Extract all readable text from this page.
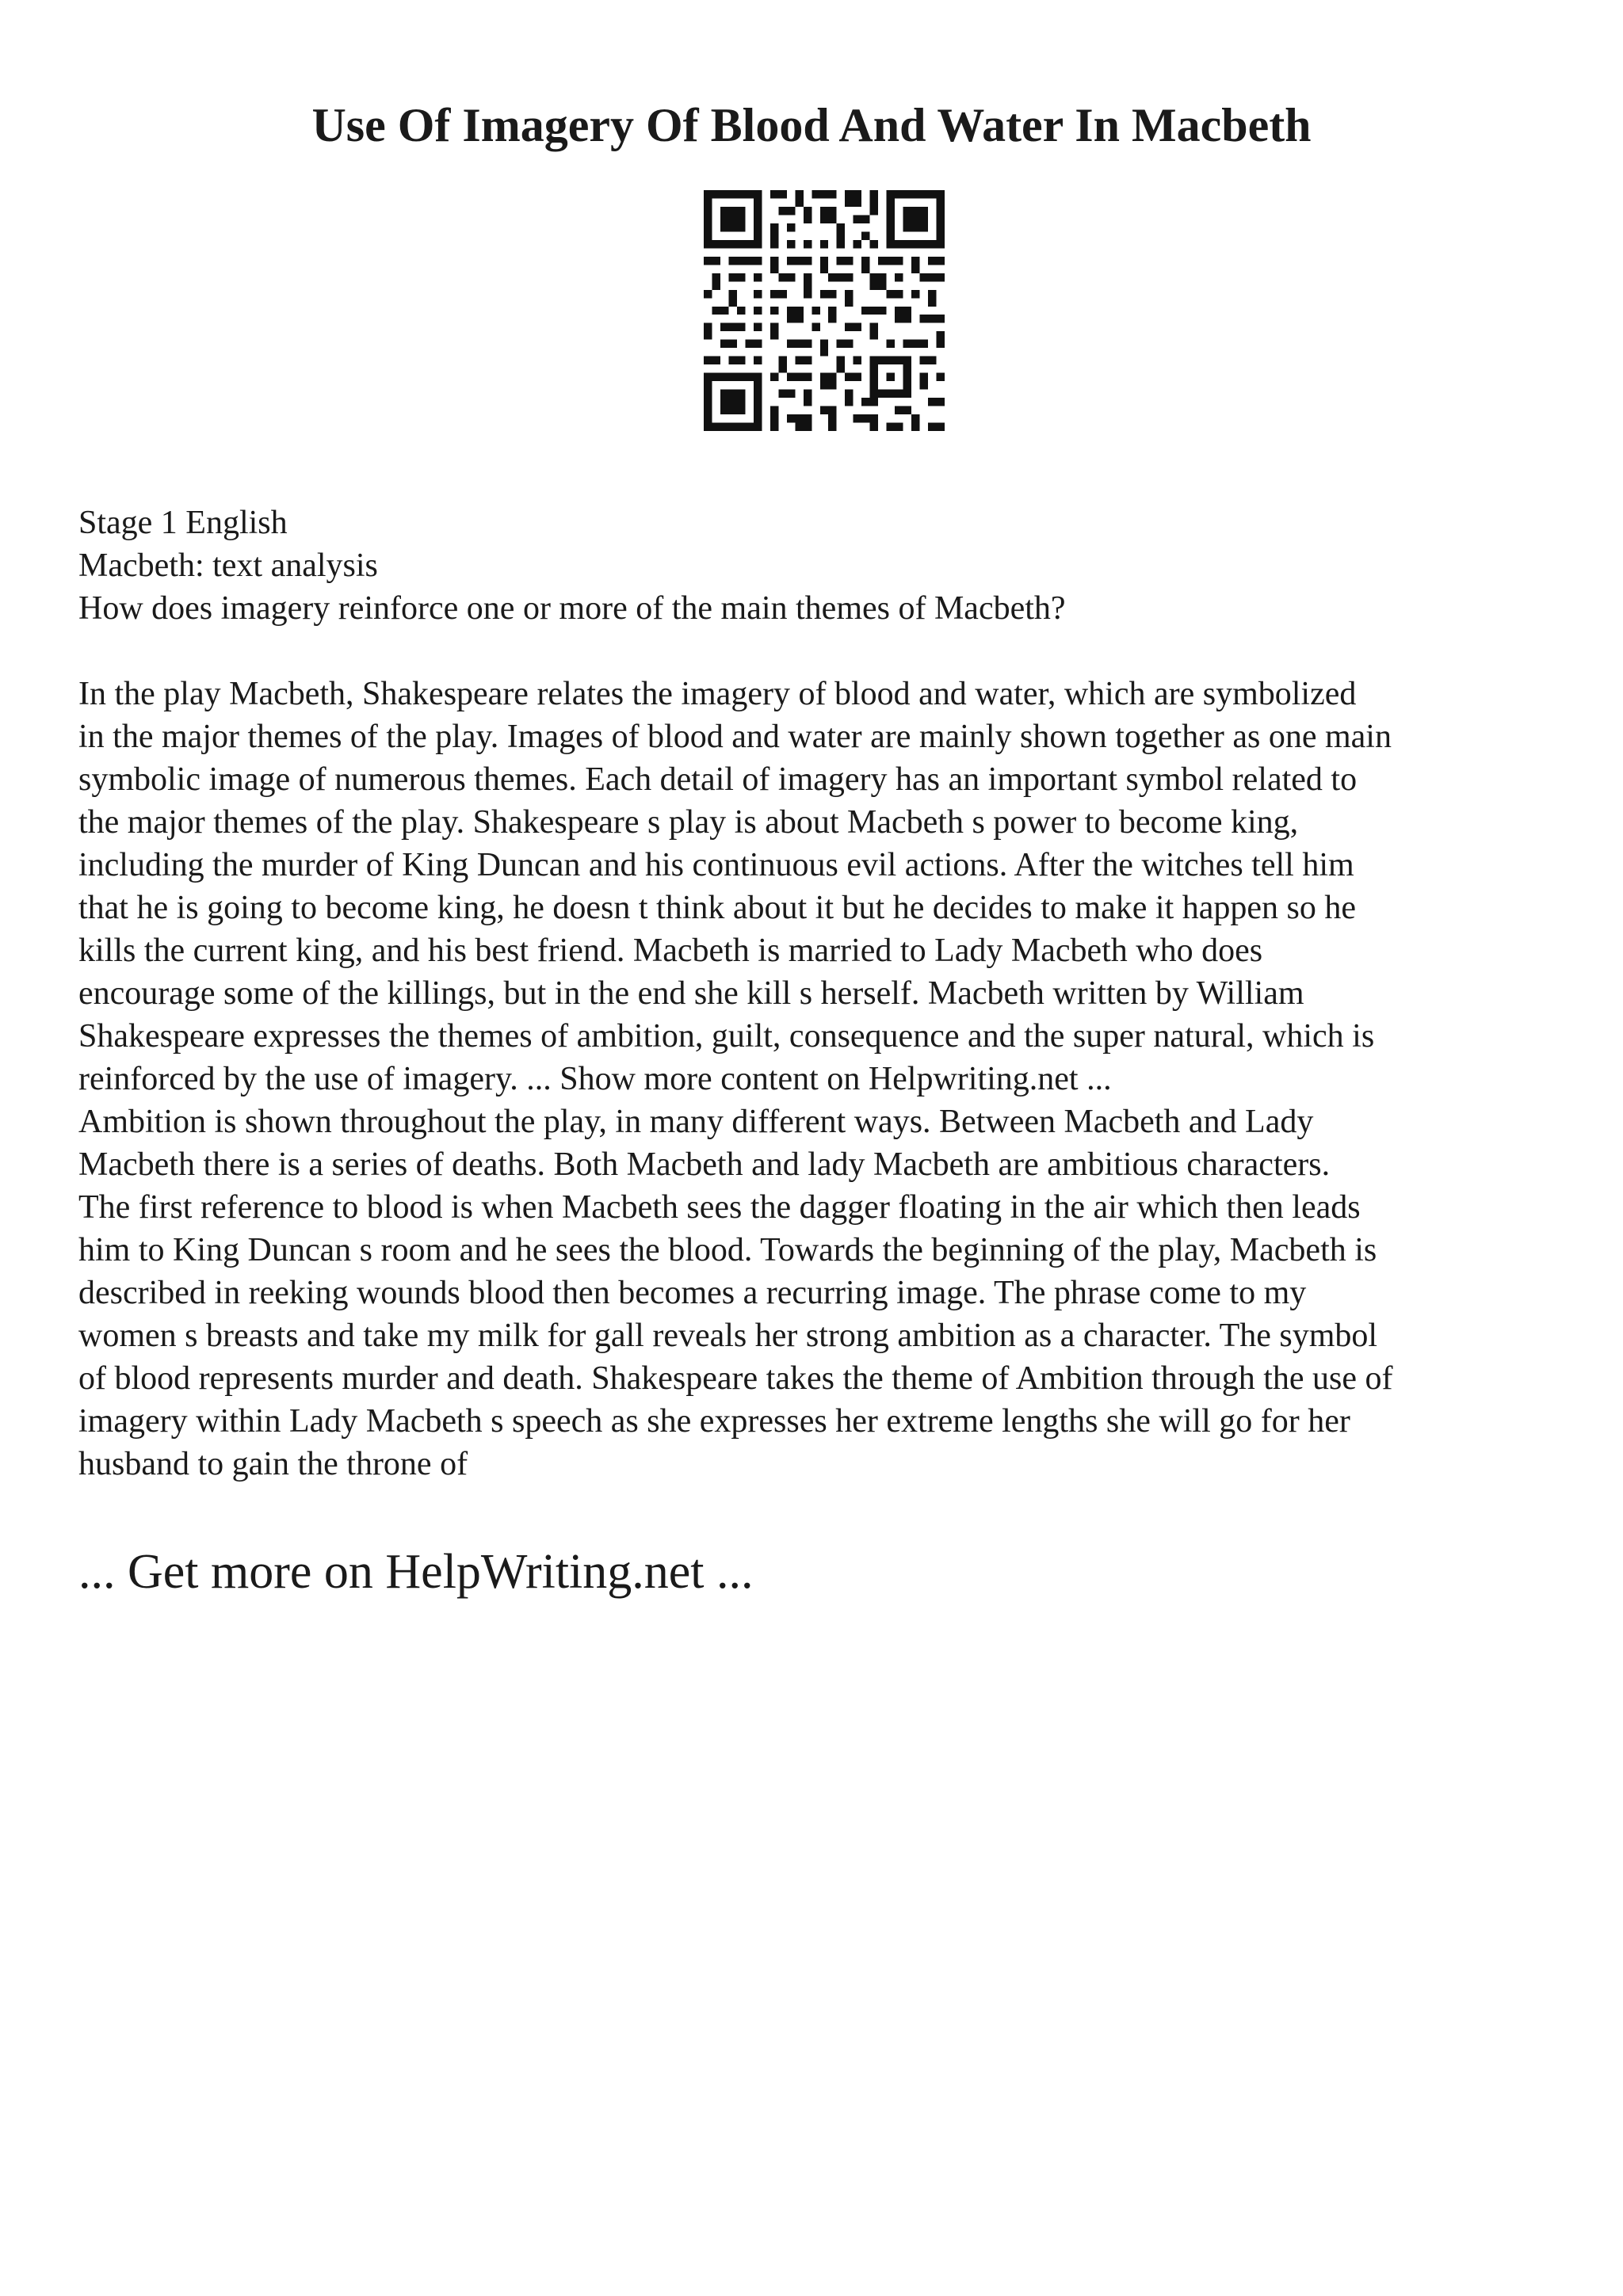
Use Of Imagery Of Blood And Water In Macbeth
Stage 1 English
Macbeth: text analysis
How does imagery reinforce one or more of the main themes of Macbeth?

In the play Macbeth, Shakespeare relates the imagery of blood and water, which are symbolized
in the major themes of the play. Images of blood and water are mainly shown together as one main
symbolic image of numerous themes. Each detail of imagery has an important symbol related to
the major themes of the play. Shakespeare s play is about Macbeth s power to become king,
including the murder of King Duncan and his continuous evil actions. After the witches tell him
that he is going to become king, he doesn t think about it but he decides to make it happen so he
kills the current king, and his best friend. Macbeth is married to Lady Macbeth who does
encourage some of the killings, but in the end she kill s herself. Macbeth written by William
Shakespeare expresses the themes of ambition, guilt, consequence and the super natural, which is
reinforced by the use of imagery. ... Show more content on Helpwriting.net ...

Ambition is shown throughout the play, in many different ways. Between Macbeth and Lady
Macbeth there is a series of deaths. Both Macbeth and lady Macbeth are ambitious characters.
The first reference to blood is when Macbeth sees the dagger floating in the air which then leads
him to King Duncan s room and he sees the blood. Towards the beginning of the play, Macbeth is
described in reeking wounds blood then becomes a recurring image. The phrase come to my
women s breasts and take my milk for gall reveals her strong ambition as a character. The symbol
of blood represents murder and death. Shakespeare takes the theme of Ambition through the use of
imagery within Lady Macbeth s speech as she expresses her extreme lengths she will go for her
husband to gain the throne of

... Get more on HelpWriting.net ...
